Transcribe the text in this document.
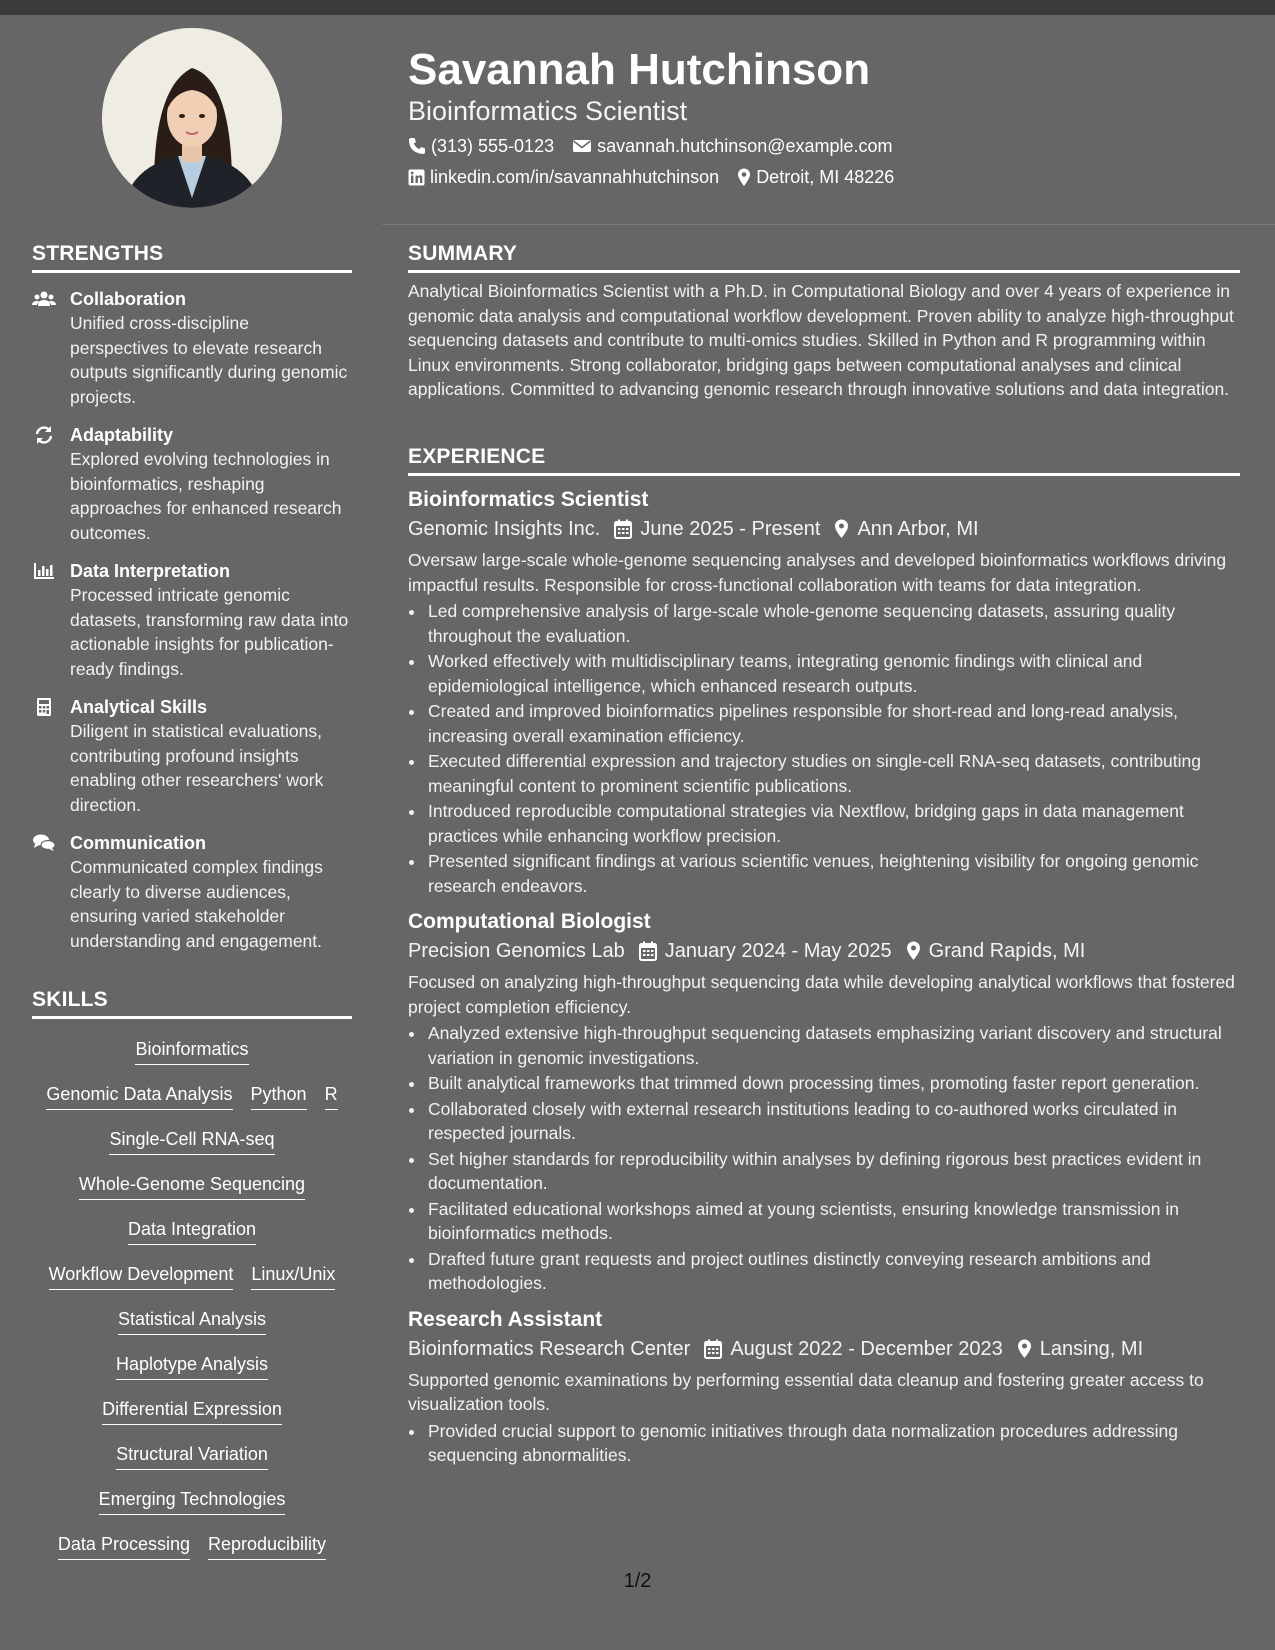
STRENGTHS
Collaboration
Unified cross-discipline perspectives to elevate research outputs significantly during genomic projects.
Adaptability
Explored evolving technologies in bioinformatics, reshaping approaches for enhanced research outcomes.
Data Interpretation
Processed intricate genomic datasets, transforming raw data into actionable insights for publication-ready findings.
Analytical Skills
Diligent in statistical evaluations, contributing profound insights enabling other researchers' work direction.
Communication
Communicated complex findings clearly to diverse audiences, ensuring varied stakeholder understanding and engagement.
SKILLS
Bioinformatics
Genomic Data Analysis Python R
Single-Cell RNA-seq
Whole-Genome Sequencing
Data Integration
Workflow Development Linux/Unix
Statistical Analysis
Haplotype Analysis
Differential Expression
Structural Variation
Emerging Technologies
Data Processing Reproducibility
Savannah Hutchinson
Bioinformatics Scientist
(313) 555-0123 savannah.hutchinson@example.com
linkedin.com/in/savannahhutchinson Detroit, MI 48226
SUMMARY

Analytical Bioinformatics Scientist with a Ph.D. in Computational Biology and over 4 years of experience in genomic data analysis and computational workflow development. Proven ability to analyze high-throughput sequencing datasets and contribute to multi-omics studies. Skilled in Python and R programming within Linux environments. Strong collaborator, bridging gaps between computational analyses and clinical applications. Committed to advancing genomic research through innovative solutions and data integration.

EXPERIENCE
Bioinformatics Scientist
Genomic Insights Inc. June 2025 - Present Ann Arbor, MI
Oversaw large-scale whole-genome sequencing analyses and developed bioinformatics workflows driving impactful results. Responsible for cross-functional collaboration with teams for data integration.
• Led comprehensive analysis of large-scale whole-genome sequencing datasets, assuring quality throughout the evaluation.
• Worked effectively with multidisciplinary teams, integrating genomic findings with clinical and epidemiological intelligence, which enhanced research outputs.
• Created and improved bioinformatics pipelines responsible for short-read and long-read analysis, increasing overall examination efficiency.
• Executed differential expression and trajectory studies on single-cell RNA-seq datasets, contributing meaningful content to prominent scientific publications.
• Introduced reproducible computational strategies via Nextflow, bridging gaps in data management practices while enhancing workflow precision.
• Presented significant findings at various scientific venues, heightening visibility for ongoing genomic research endeavors.
Computational Biologist
Precision Genomics Lab January 2024 - May 2025 Grand Rapids, MI
Focused on analyzing high-throughput sequencing data while developing analytical workflows that fostered project completion efficiency.
• Analyzed extensive high-throughput sequencing datasets emphasizing variant discovery and structural variation in genomic investigations.
• Built analytical frameworks that trimmed down processing times, promoting faster report generation.
• Collaborated closely with external research institutions leading to co-authored works circulated in respected journals.
• Set higher standards for reproducibility within analyses by defining rigorous best practices evident in documentation.
• Facilitated educational workshops aimed at young scientists, ensuring knowledge transmission in bioinformatics methods.
• Drafted future grant requests and project outlines distinctly conveying research ambitions and methodologies.
Research Assistant
Bioinformatics Research Center August 2022 - December 2023 Lansing, MI
Supported genomic examinations by performing essential data cleanup and fostering greater access to visualization tools.
• Provided crucial support to genomic initiatives through data normalization procedures addressing sequencing abnormalities.
1/2
